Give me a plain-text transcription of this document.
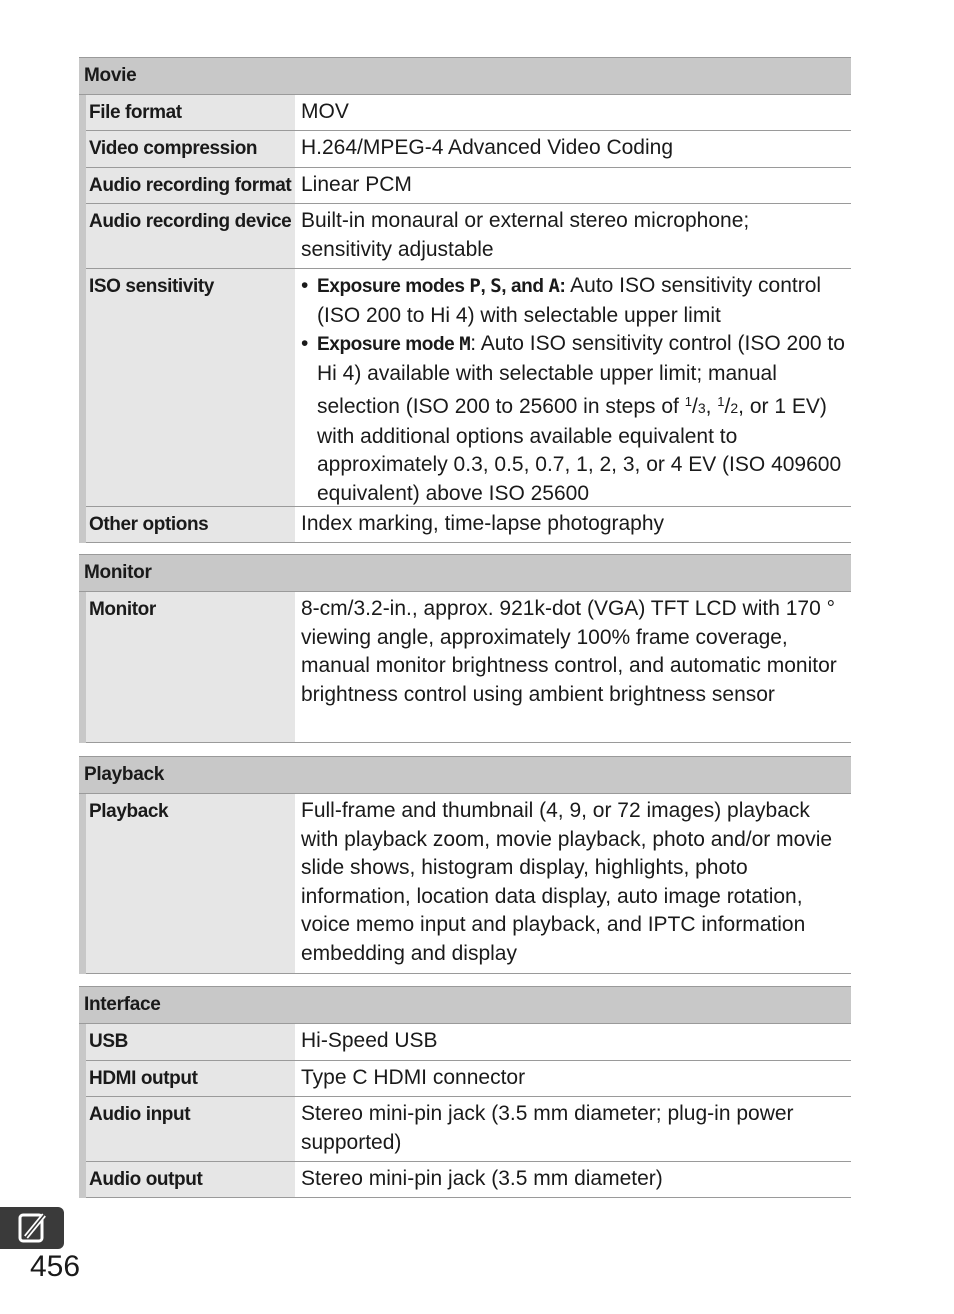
Movie
File format	MOV
Video compression	H.264/MPEG-4 Advanced Video Coding
Audio recording format Linear PCM
Audio recording device Built-in monaural or external stereo microphone; sensitivity adjustable
ISO sensitivity
•	Exposure modes P, S, and A: Auto ISO sensitivity control (ISO 200 to Hi 4) with selectable upper limit
• Exposure mode M: Auto ISO sensitivity control (ISO 200 to Hi 4) available with selectable upper limit; manual selection (ISO 200 to 25600 in steps of $^1$/3, $^1$/2, or 1 EV) with additional options available equivalent to approximately 0.3, 0.5, 0.7, 1, 2, 3, or 4 EV (ISO 409600 equivalent) above ISO 25600
Other options	Index marking, time-lapse photography
Monitor
Monitor	8-cm/3.2-in., approx. 921k-dot (VGA) TFT LCD with 170 ° viewing angle, approximately 100% frame coverage, manual monitor brightness control, and automatic monitor brightness control using ambient brightness sensor
Playback
Playback	Full-frame and thumbnail (4, 9, or 72 images) playback with playback zoom, movie playback, photo and/or movie slide shows, histogram display, highlights, photo information, location data display, auto image rotation, voice memo input and playback, and IPTC information embedding and display
Interface
USB	Hi-Speed USB
HDMI output	Type C HDMI connector
Audio input	Stereo mini-pin jack (3.5 mm diameter; plug-in power supported)
Audio output	Stereo mini-pin jack (3.5 mm diameter)
456
